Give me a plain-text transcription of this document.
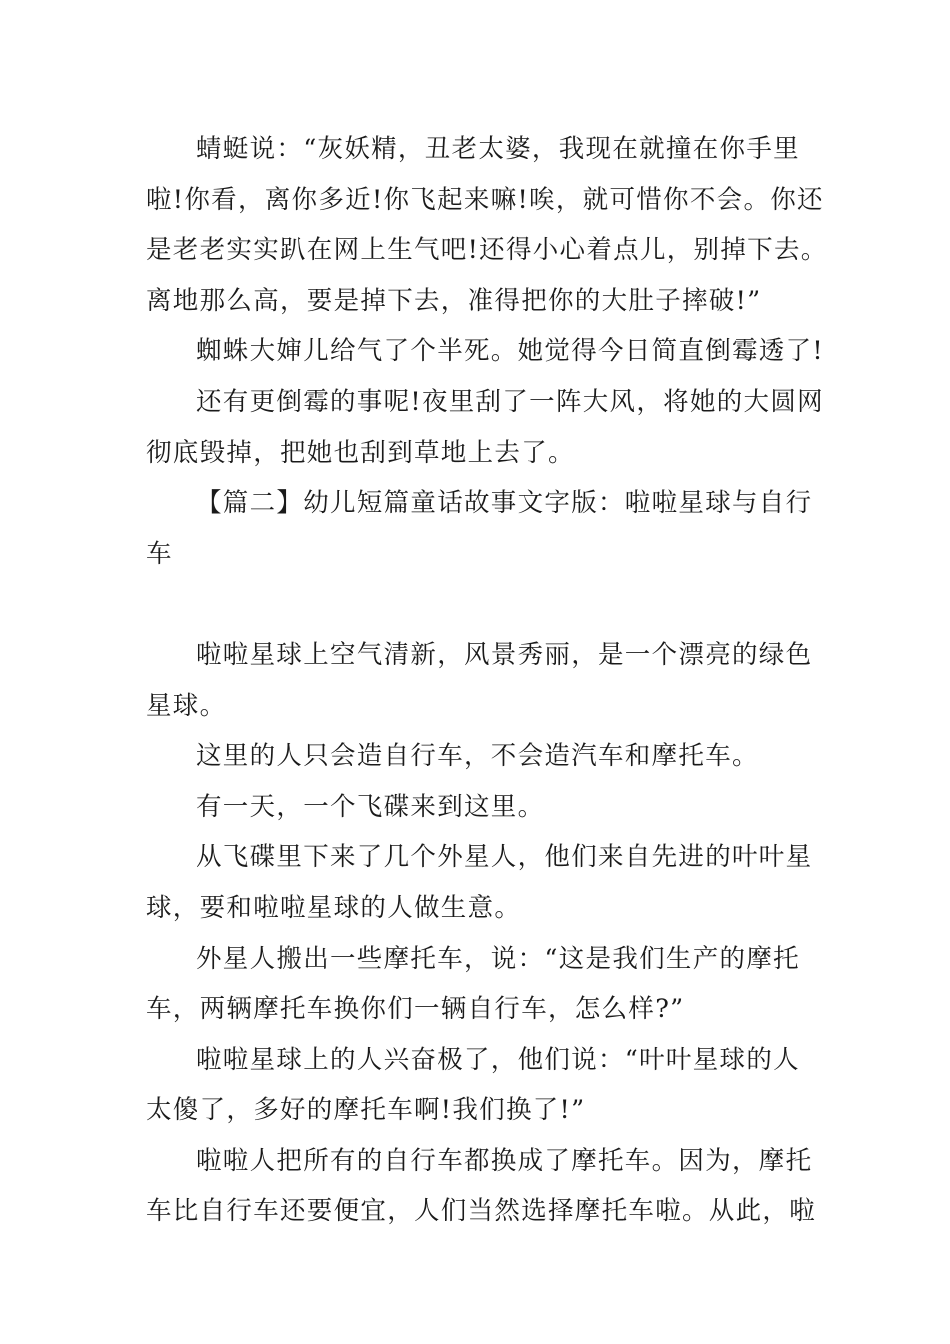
蜻蜓说：“灰妖精，丑老太婆，我现在就撞在你手里
啦!你看，离你多近!你飞起来嘛!唉，就可惜你不会。你还
是老老实实趴在网上生气吧!还得小心着点儿，别掉下去。
离地那么高，要是掉下去，准得把你的大肚子摔破!”
蜘蛛大婶儿给气了个半死。她觉得今日简直倒霉透了!
还有更倒霉的事呢!夜里刮了一阵大风，将她的大圆网
彻底毁掉，把她也刮到草地上去了。
【篇二】幼儿短篇童话故事文字版：啦啦星球与自行
车
啦啦星球上空气清新，风景秀丽，是一个漂亮的绿色
星球。
这里的人只会造自行车，不会造汽车和摩托车。
有一天，一个飞碟来到这里。
从飞碟里下来了几个外星人，他们来自先进的叶叶星
球，要和啦啦星球的人做生意。
外星人搬出一些摩托车，说：“这是我们生产的摩托
车，两辆摩托车换你们一辆自行车，怎么样?”
啦啦星球上的人兴奋极了，他们说：“叶叶星球的人
太傻了，多好的摩托车啊!我们换了!”
啦啦人把所有的自行车都换成了摩托车。因为，摩托
车比自行车还要便宜，人们当然选择摩托车啦。从此，啦
